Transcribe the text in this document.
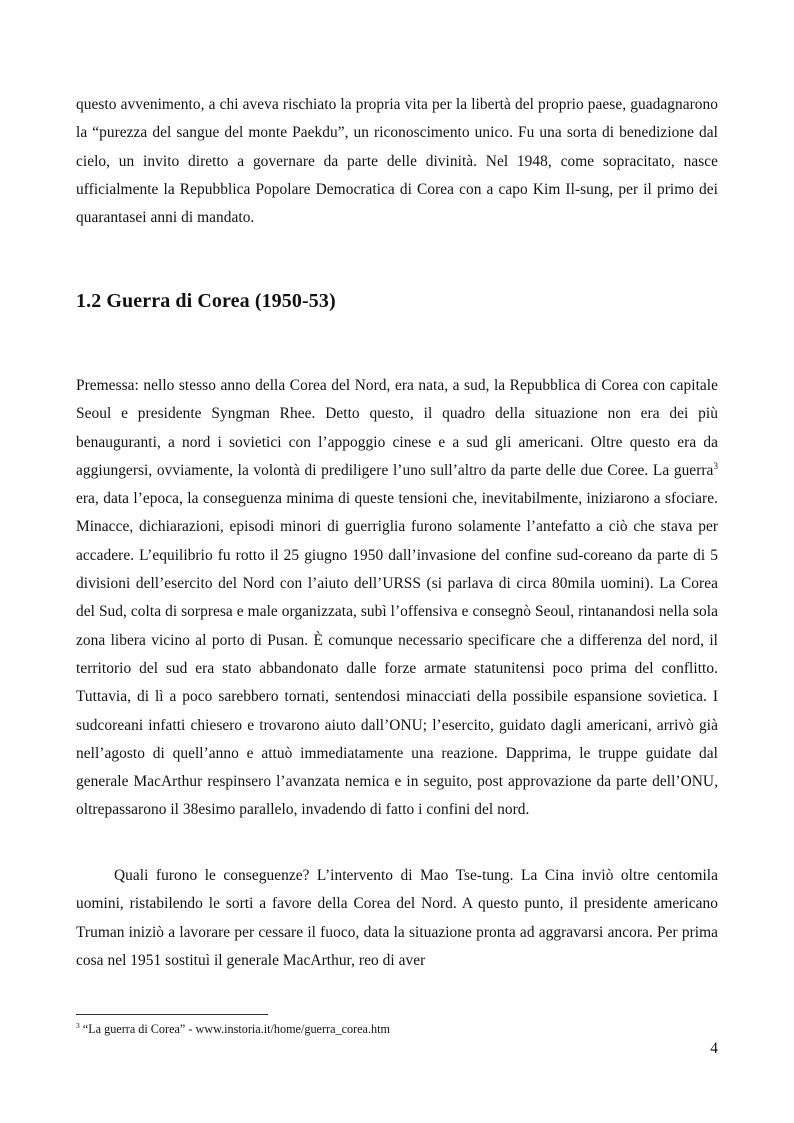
questo avvenimento, a chi aveva rischiato la propria vita per la libertà del proprio paese, guadagnarono la “purezza del sangue del monte Paekdu”, un riconoscimento unico. Fu una sorta di benedizione dal cielo, un invito diretto a governare da parte delle divinità. Nel 1948, come sopracitato, nasce ufficialmente la Repubblica Popolare Democratica di Corea con a capo Kim Il-sung, per il primo dei quarantasei anni di mandato.

1.2 Guerra di Corea (1950-53)

Premessa: nello stesso anno della Corea del Nord, era nata, a sud, la Repubblica di Corea con capitale Seoul e presidente Syngman Rhee. Detto questo, il quadro della situazione non era dei più benauguranti, a nord i sovietici con l’appoggio cinese e a sud gli americani. Oltre questo era da aggiungersi, ovviamente, la volontà di prediligere l’uno sull’altro da parte delle due Coree. La guerra$^3$ era, data l’epoca, la conseguenza minima di queste tensioni che, inevitabilmente, iniziarono a sfociare. Minacce, dichiarazioni, episodi minori di guerriglia furono solamente l’antefatto a ciò che stava per accadere. L’equilibrio fu rotto il 25 giugno 1950 dall’invasione del confine sud-coreano da parte di 5 divisioni dell’esercito del Nord con l’aiuto dell’URSS (si parlava di circa 80mila uomini). La Corea del Sud, colta di sorpresa e male organizzata, subì l’offensiva e consegnò Seoul, rintanandosi nella sola zona libera vicino al porto di Pusan. È comunque necessario specificare che a differenza del nord, il territorio del sud era stato abbandonato dalle forze armate statunitensi poco prima del conflitto. Tuttavia, di lì a poco sarebbero tornati, sentendosi minacciati della possibile espansione sovietica. I sudcoreani infatti chiesero e trovarono aiuto dall’ONU; l’esercito, guidato dagli americani, arrivò già nell’agosto di quell’anno e attuò immediatamente una reazione. Dapprima, le truppe guidate dal generale MacArthur respinsero l’avanzata nemica e in seguito, post approvazione da parte dell’ONU, oltrepassarono il 38esimo parallelo, invadendo di fatto i confini del nord.

Quali furono le conseguenze? L’intervento di Mao Tse-tung. La Cina inviò oltre centomila uomini, ristabilendo le sorti a favore della Corea del Nord. A questo punto, il presidente americano Truman iniziò a lavorare per cessare il fuoco, data la situazione pronta ad aggravarsi ancora. Per prima cosa nel 1951 sostituì il generale MacArthur, reo di aver

$^3$ “La guerra di Corea” - www.instoria.it/home/guerra_corea.htm

4
